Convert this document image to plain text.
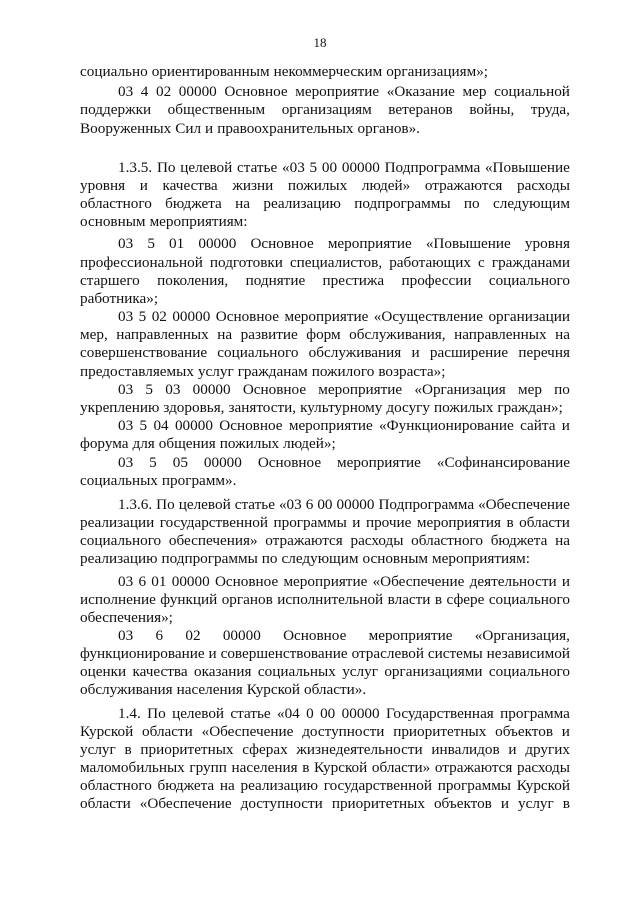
18
социально ориентированным некоммерческим организациям»;
03 4 02 00000 Основное мероприятие «Оказание мер социальной
поддержки общественным организациям ветеранов войны, труда,
Вооруженных Сил и правоохранительных органов».
1.3.5. По целевой статье «03 5 00 00000 Подпрограмма «Повышение
уровня и качества жизни пожилых людей» отражаются расходы
областного бюджета на реализацию подпрограммы по следующим
основным мероприятиям:
03 5 01 00000 Основное мероприятие «Повышение уровня
профессиональной подготовки специалистов, работающих с гражданами
старшего поколения, поднятие престижа профессии социального
работника»;
03 5 02 00000 Основное мероприятие «Осуществление организации
мер, направленных на развитие форм обслуживания, направленных на
совершенствование социального обслуживания и расширение перечня
предоставляемых услуг гражданам пожилого возраста»;
03 5 03 00000 Основное мероприятие «Организация мер по
укреплению здоровья, занятости, культурному досугу пожилых граждан»;
03 5 04 00000 Основное мероприятие «Функционирование сайта и
форума для общения пожилых людей»;
03 5 05 00000 Основное мероприятие «Софинансирование
социальных программ».
1.3.6. По целевой статье «03 6 00 00000 Подпрограмма «Обеспечение
реализации государственной программы и прочие мероприятия в области
социального обеспечения» отражаются расходы областного бюджета на
реализацию подпрограммы по следующим основным мероприятиям:
03 6 01 00000 Основное мероприятие «Обеспечение деятельности и
исполнение функций органов исполнительной власти в сфере социального
обеспечения»;
03 6 02 00000 Основное мероприятие «Организация,
функционирование и совершенствование отраслевой системы независимой
оценки качества оказания социальных услуг организациями социального
обслуживания населения Курской области».
1.4. По целевой статье «04 0 00 00000 Государственная программа
Курской области «Обеспечение доступности приоритетных объектов и
услуг в приоритетных сферах жизнедеятельности инвалидов и других
маломобильных групп населения в Курской области» отражаются расходы
областного бюджета на реализацию государственной программы Курской
области «Обеспечение доступности приоритетных объектов и услуг в
